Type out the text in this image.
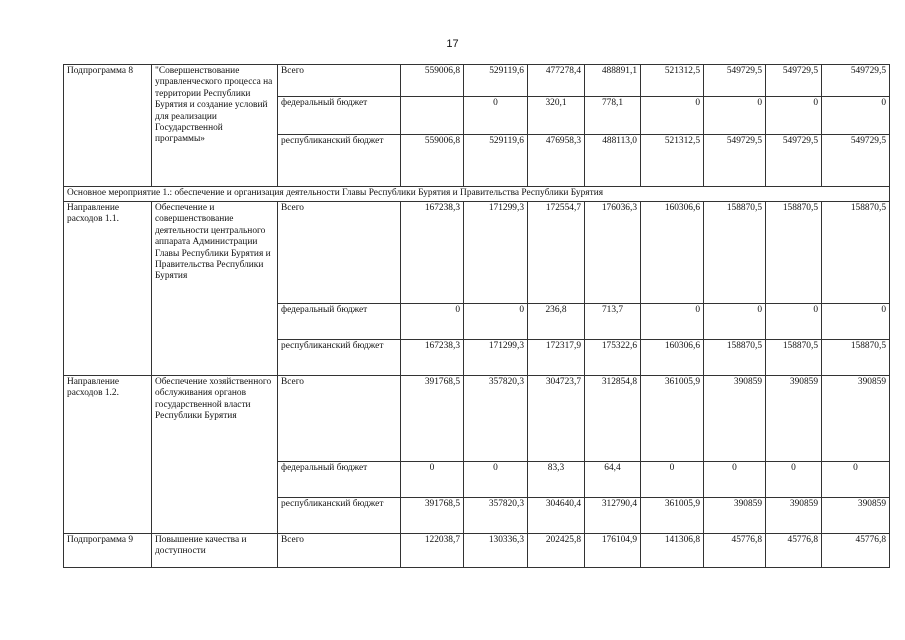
17
Подпрограмма 8	"Совершенствование управленческого процесса на территории Республики Бурятия и создание условий для реализации Государственной программы»	Всего	559006,8	529119,6	477278,4	488891,1	521312,5	549729,5	549729,5	549729,5
		федеральный бюджет		0	320,1	778,1	0	0	0	0
		республиканский бюджет	559006,8	529119,6	476958,3	488113,0	521312,5	549729,5	549729,5	549729,5
Основное мероприятие 1.: обеспечение и организация деятельности Главы Республики Бурятия и Правительства Республики Бурятия										
Направление расходов 1.1.	Обеспечение и совершенствование деятельности центрального аппарата Администрации Главы Республики Бурятия и Правительства Республики Бурятия	Всего	167238,3	171299,3	172554,7	176036,3	160306,6	158870,5	158870,5	158870,5
		федеральный бюджет	0	0	236,8	713,7	0	0	0	0
		республиканский бюджет	167238,3	171299,3	172317,9	175322,6	160306,6	158870,5	158870,5	158870,5
Направление расходов 1.2.	Обеспечение хозяйственного обслуживания органов государственной власти Республики Бурятия	Всего	391768,5	357820,3	304723,7	312854,8	361005,9	390859	390859	390859
		федеральный бюджет	0	0	83,3	64,4	0	0	0	0
		республиканский бюджет	391768,5	357820,3	304640,4	312790,4	361005,9	390859	390859	390859
Подпрограмма 9	Повышение качества и доступности	Всего	122038,7	130336,3	202425,8	176104,9	141306,8	45776,8	45776,8	45776,8
